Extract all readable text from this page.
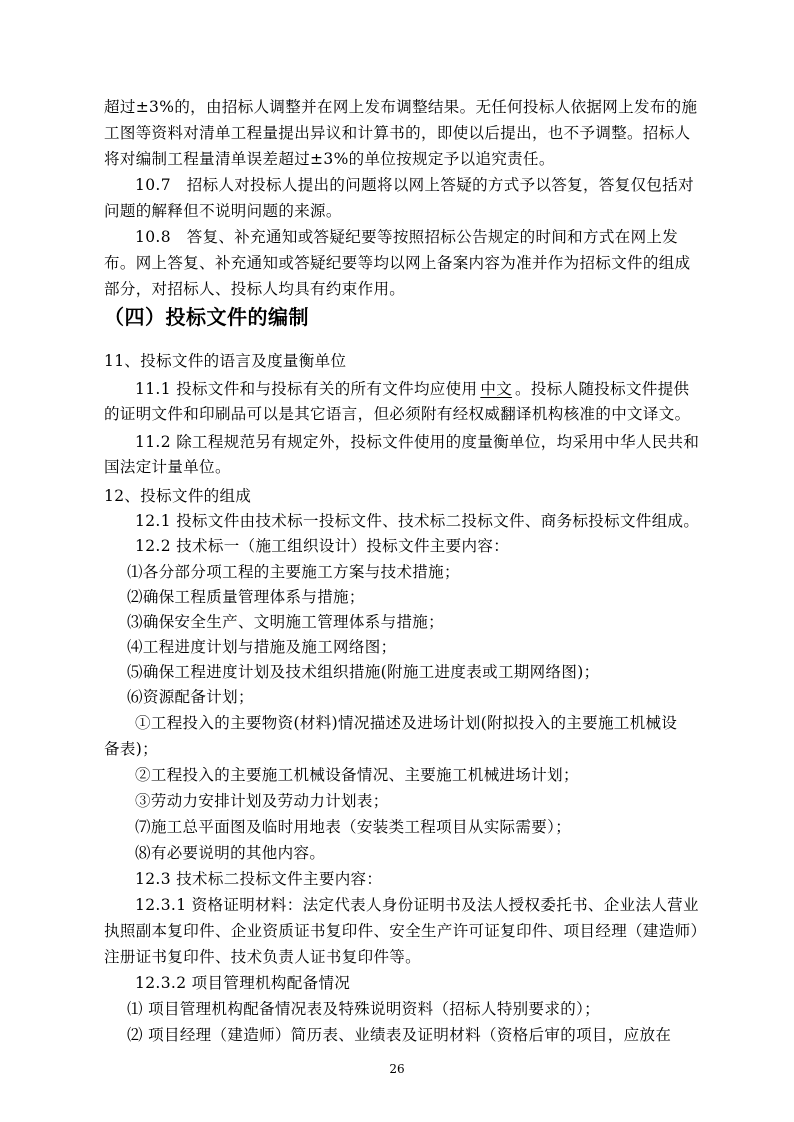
超过±3%的，由招标人调整并在网上发布调整结果。无任何投标人依据网上发布的施
工图等资料对清单工程量提出异议和计算书的，即使以后提出，也不予调整。招标人
将对编制工程量清单误差超过±3%的单位按规定予以追究责任。
10.7　招标人对投标人提出的问题将以网上答疑的方式予以答复，答复仅包括对
问题的解释但不说明问题的来源。
10.8　答复、补充通知或答疑纪要等按照招标公告规定的时间和方式在网上发
布。网上答复、补充通知或答疑纪要等均以网上备案内容为准并作为招标文件的组成
部分，对招标人、投标人均具有约束作用。
（四）投标文件的编制
11、投标文件的语言及度量衡单位
11.1 投标文件和与投标有关的所有文件均应使用 中文 。投标人随投标文件提供
的证明文件和印刷品可以是其它语言，但必须附有经权威翻译机构核准的中文译文。
11.2 除工程规范另有规定外，投标文件使用的度量衡单位，均采用中华人民共和
国法定计量单位。
12、投标文件的组成
12.1 投标文件由技术标一投标文件、技术标二投标文件、商务标投标文件组成。
12.2 技术标一（施工组织设计）投标文件主要内容：
⑴各分部分项工程的主要施工方案与技术措施；
⑵确保工程质量管理体系与措施；
⑶确保安全生产、文明施工管理体系与措施；
⑷工程进度计划与措施及施工网络图；
⑸确保工程进度计划及技术组织措施(附施工进度表或工期网络图)；
⑹资源配备计划；
①工程投入的主要物资(材料)情况描述及进场计划(附拟投入的主要施工机械设
备表)；
②工程投入的主要施工机械设备情况、主要施工机械进场计划；
③劳动力安排计划及劳动力计划表；
⑺施工总平面图及临时用地表（安装类工程项目从实际需要）；
⑻有必要说明的其他内容。
12.3 技术标二投标文件主要内容：
12.3.1 资格证明材料：法定代表人身份证明书及法人授权委托书、企业法人营业
执照副本复印件、企业资质证书复印件、安全生产许可证复印件、项目经理（建造师）
注册证书复印件、技术负责人证书复印件等。
12.3.2 项目管理机构配备情况
⑴ 项目管理机构配备情况表及特殊说明资料（招标人特别要求的）；
⑵ 项目经理（建造师）简历表、业绩表及证明材料（资格后审的项目，应放在
26
